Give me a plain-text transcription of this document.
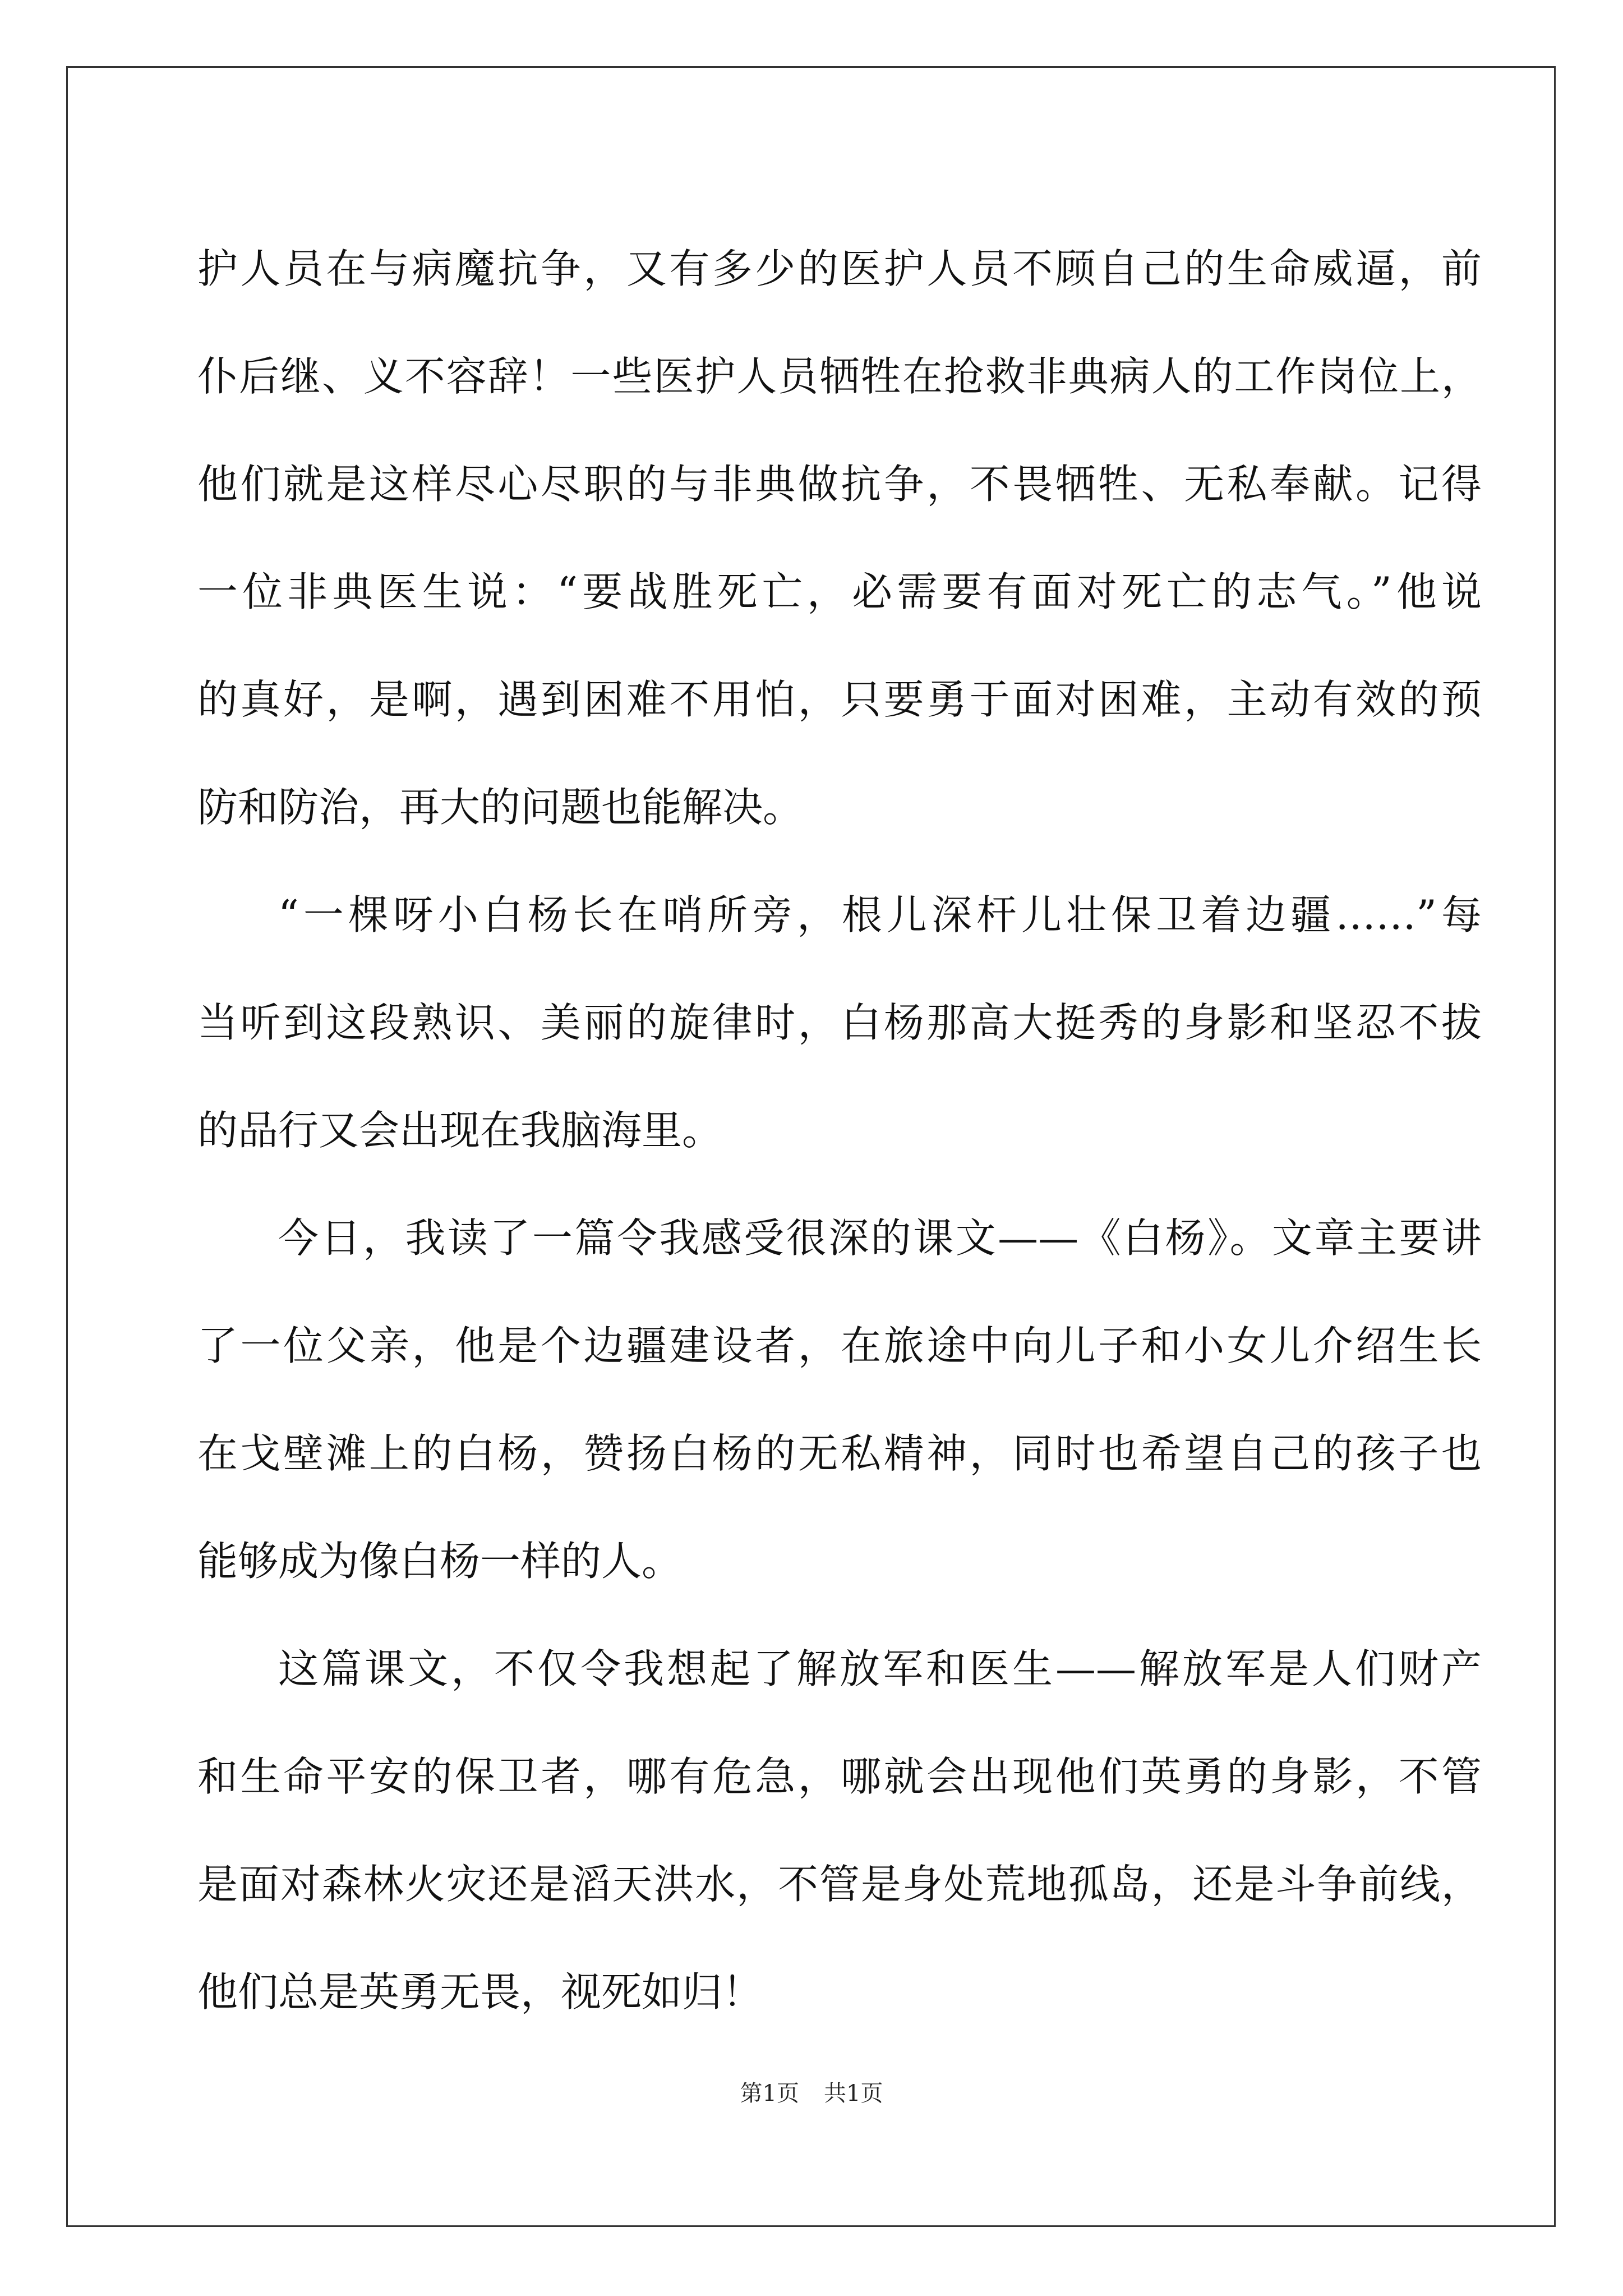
护人员在与病魔抗争，又有多少的医护人员不顾自己的生命威逼，前
仆后继、义不容辞！一些医护人员牺牲在抢救非典病人的工作岗位上，
他们就是这样尽心尽职的与非典做抗争，不畏牺牲、无私奉献。记得
一位非典医生说：“要战胜死亡，必需要有面对死亡的志气。”他说
的真好，是啊，遇到困难不用怕，只要勇于面对困难，主动有效的预
防和防治，再大的问题也能解决。
“一棵呀小白杨长在哨所旁，根儿深杆儿壮保卫着边疆……”每
当听到这段熟识、美丽的旋律时，白杨那高大挺秀的身影和坚忍不拔
的品行又会出现在我脑海里。
今日，我读了一篇令我感受很深的课文——《白杨》。文章主要讲
了一位父亲，他是个边疆建设者，在旅途中向儿子和小女儿介绍生长
在戈壁滩上的白杨，赞扬白杨的无私精神，同时也希望自己的孩子也
能够成为像白杨一样的人。
这篇课文，不仅令我想起了解放军和医生——解放军是人们财产
和生命平安的保卫者，哪有危急，哪就会出现他们英勇的身影，不管
是面对森林火灾还是滔天洪水，不管是身处荒地孤岛，还是斗争前线，
他们总是英勇无畏，视死如归！
第1页 共1页
